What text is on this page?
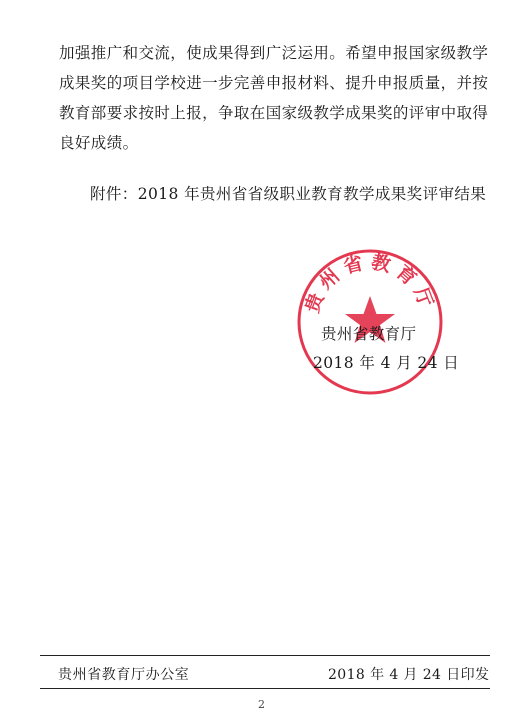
加强推广和交流，使成果得到广泛运用。希望申报国家级教学

成果奖的项目学校进一步完善申报材料、提升申报质量，并按

教育部要求按时上报，争取在国家级教学成果奖的评审中取得

良好成绩。

附件：2018 年贵州省省级职业教育教学成果奖评审结果
贵州省教育厅
贵州省教育厅
2018 年 4 月 24 日
贵州省教育厅办公室	2018 年 4 月 24 日印发
2
